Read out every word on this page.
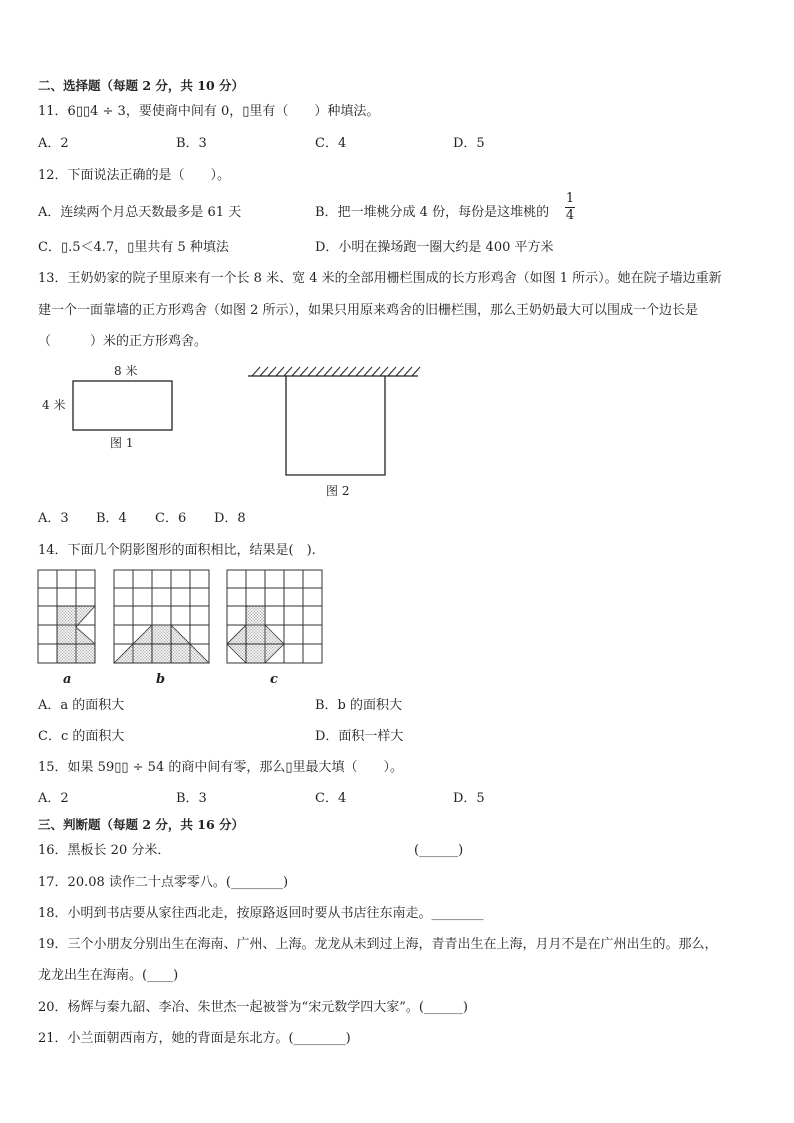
二、选择题（每题 2 分，共 10 分）
11．6▯▯4 ÷ 3，要使商中间有 0，▯里有（　　）种填法。
A．2	B．3	C．4	D．5
12．下面说法正确的是（　　）。
A．连续两个月总天数最多是 61 天	B．把一堆桃分成 4 份，每份是这堆桃的
1
4
C．▯.5＜4.7，▯里共有 5 种填法	D．小明在操场跑一圈大约是 400 平方米
13．王奶奶家的院子里原来有一个长 8 米、宽 4 米的全部用栅栏围成的长方形鸡舍（如图 1 所示）。她在院子墙边重新
建一个一面靠墙的正方形鸡舍（如图 2 所示），如果只用原来鸡舍的旧栅栏围，那么王奶奶最大可以围成一个边长是
（　　　）米的正方形鸡舍。
8 米
4 米
图 1
图 2
A．3 B．4 C．6 D．8
14．下面几个阴影图形的面积相比，结果是(　).
a	b	c
A．a 的面积大	B．b 的面积大
C．c 的面积大	D．面积一样大
15．如果 59▯▯ ÷ 54 的商中间有零，那么▯里最大填（　　）。
A．2	B．3	C．4	D．5
三、判断题（每题 2 分，共 16 分）
16．黑板长 20 分米．	(______)
17．20.08 读作二十点零零八。(________)
18．小明到书店要从家往西北走，按原路返回时要从书店往东南走。________
19．三个小朋友分别出生在海南、广州、上海。龙龙从未到过上海，青青出生在上海，月月不是在广州出生的。那么，
龙龙出生在海南。(____)
20．杨辉与秦九韶、李冶、朱世杰一起被誉为“宋元数学四大家”。(______)
21．小兰面朝西南方，她的背面是东北方。(________)
